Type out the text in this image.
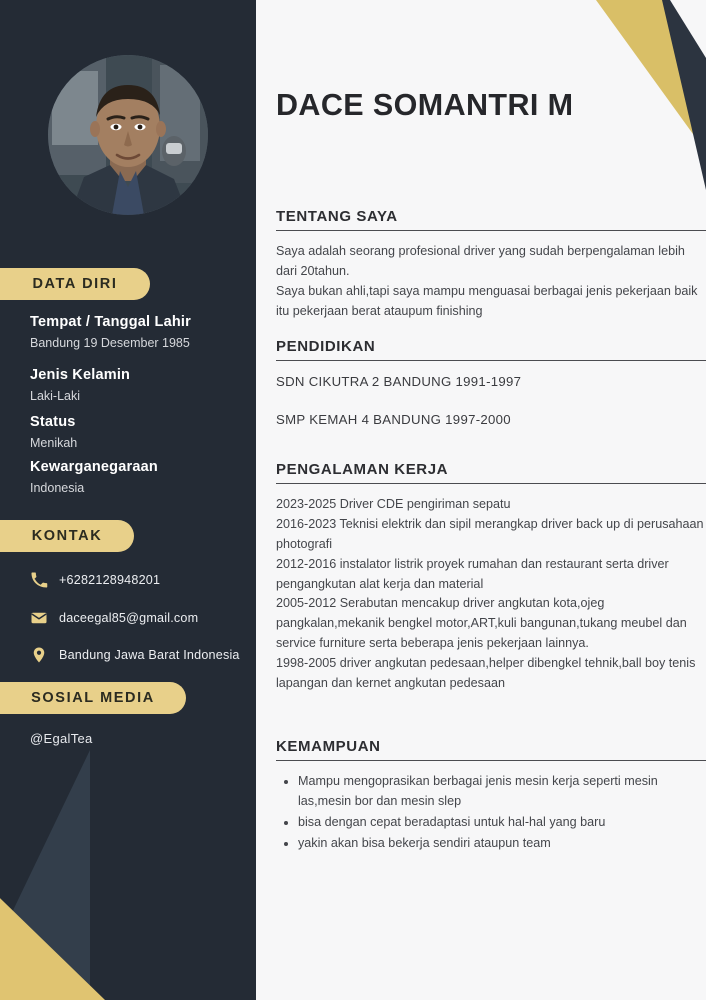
DATA DIRI
Tempat / Tanggal Lahir
Bandung 19 Desember 1985
Jenis Kelamin
Laki-Laki
Status
Menikah
Kewarganegaraan
Indonesia
KONTAK
+6282128948201
daceegal85@gmail.com
Bandung Jawa Barat Indonesia
SOSIAL MEDIA
@EgalTea
DACE SOMANTRI M
TENTANG SAYA

Saya adalah seorang profesional driver yang sudah berpengalaman lebih dari 20tahun.

Saya bukan ahli,tapi saya mampu menguasai berbagai jenis pekerjaan baik itu pekerjaan berat ataupum finishing

PENDIDIKAN
SDN CIKUTRA 2 BANDUNG 1991-1997
SMP KEMAH 4 BANDUNG 1997-2000
PENGALAMAN KERJA

2023-2025 Driver CDE pengiriman sepatu

2016-2023 Teknisi elektrik dan sipil merangkap driver back up di perusahaan photografi

2012-2016 instalator listrik proyek rumahan dan restaurant serta driver pengangkutan alat kerja dan material

2005-2012 Serabutan mencakup driver angkutan kota,ojeg pangkalan,mekanik bengkel motor,ART,kuli bangunan,tukang meubel dan service furniture serta beberapa jenis pekerjaan lainnya.

1998-2005 driver angkutan pedesaan,helper dibengkel tehnik,ball boy tenis lapangan dan kernet angkutan pedesaan

KEMAMPUAN
• Mampu mengoprasikan berbagai jenis mesin kerja seperti mesin las,mesin bor dan mesin slep
• bisa dengan cepat beradaptasi untuk hal-hal yang baru
• yakin akan bisa bekerja sendiri ataupun team
